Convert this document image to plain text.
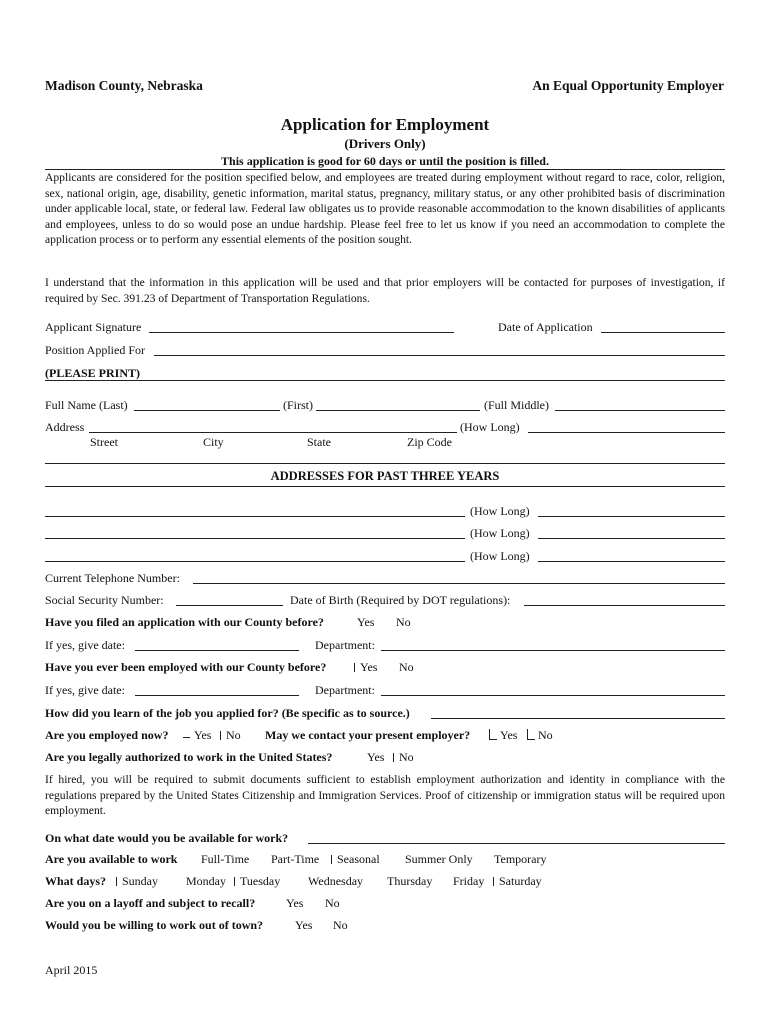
Madison County, Nebraska	An Equal Opportunity Employer
Application for Employment
(Drivers Only)
This application is good for 60 days or until the position is filled.
Applicants are considered for the position specified below, and employees are treated during employment without regard to race, color, religion, sex, national origin, age, disability, genetic information, marital status, pregnancy, military status, or any other prohibited basis of discrimination under applicable local, state, or federal law. Federal law obligates us to provide reasonable accommodation to the known disabilities of applicants and employees, unless to do so would pose an undue hardship. Please feel free to let us know if you need an accommodation to complete the application process or to perform any essential elements of the position sought.
I understand that the information in this application will be used and that prior employers will be contacted for purposes of investigation, if required by Sec. 391.23 of Department of Transportation Regulations.
Applicant Signature	Date of Application
Position Applied For
(PLEASE PRINT)
Full Name (Last)	(First)	(Full Middle)
Address	(How Long)
Street	City	State	Zip Code
ADDRESSES FOR PAST THREE YEARS
(How Long)
(How Long)
(How Long)
Current Telephone Number:
Social Security Number:	Date of Birth (Required by DOT regulations):
Have you filed an application with our County before?	Yes No
If yes, give date:	Department:
Have you ever been employed with our County before?	Yes No
If yes, give date:	Department:
How did you learn of the job you applied for? (Be specific as to source.)
Are you employed now?	Yes	No May we contact your present employer?	Yes	No
Are you legally authorized to work in the United States?	Yes	No
If hired, you will be required to submit documents sufficient to establish employment authorization and identity in compliance with the regulations prepared by the United States Citizenship and Immigration Services. Proof of citizenship or immigration status will be required upon employment.
On what date would you be available for work?
Are you available to work Full-Time Part-Time	Seasonal Summer Only Temporary
What days?	Sunday Monday	Tuesday Wednesday Thursday Friday	Saturday
Are you on a layoff and subject to recall?	Yes No
Would you be willing to work out of town?	Yes No
April 2015
